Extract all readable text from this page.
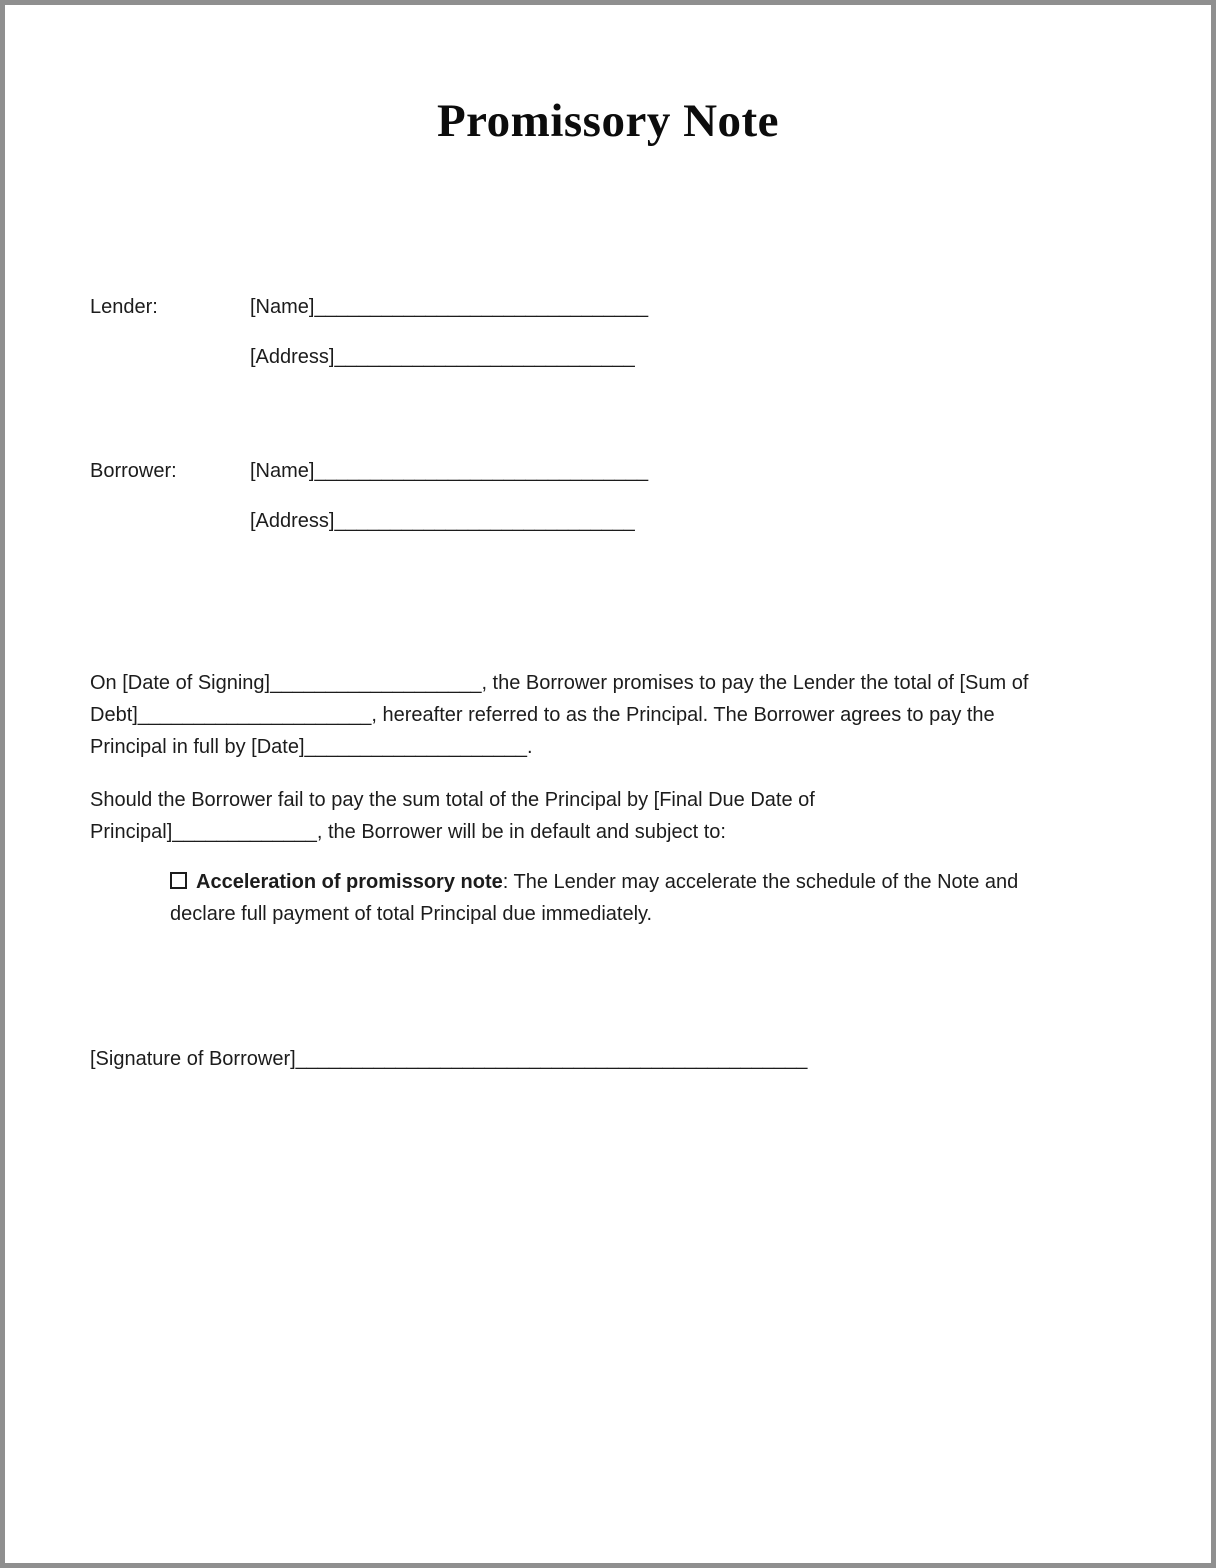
Promissory Note
Lender:	[Name]______________________________
[Address]___________________________
Borrower:	[Name]______________________________
[Address]___________________________
On [Date of Signing]___________________, the Borrower promises to pay the Lender the total of [Sum of
Debt]_____________________, hereafter referred to as the Principal. The Borrower agrees to pay the
Principal in full by [Date]____________________.
Should the Borrower fail to pay the sum total of the Principal by [Final Due Date of
Principal]_____________, the Borrower will be in default and subject to:
Acceleration of promissory note: The Lender may accelerate the schedule of the Note and
declare full payment of total Principal due immediately.
[Signature of Borrower]______________________________________________
